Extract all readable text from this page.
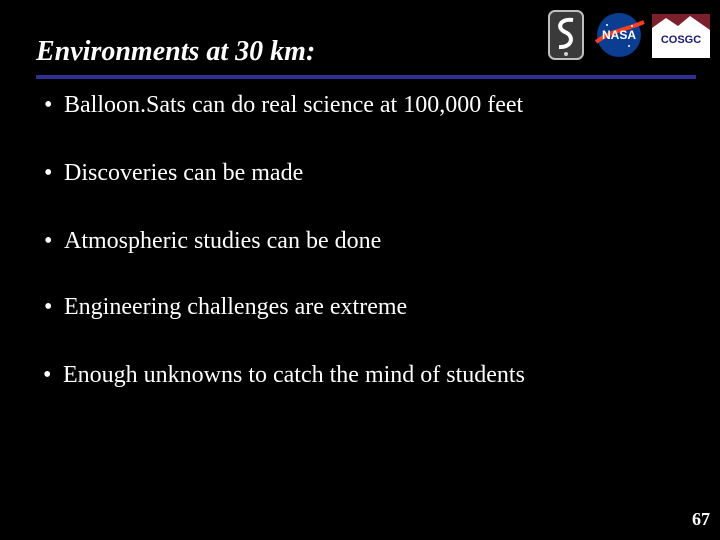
Environments at 30 km:
NASA COSGC
• Balloon.Sats can do real science at 100,000 feet
• Discoveries can be made
• Atmospheric studies can be done
• Engineering challenges are extreme
• Enough unknowns to catch the mind of students
67
